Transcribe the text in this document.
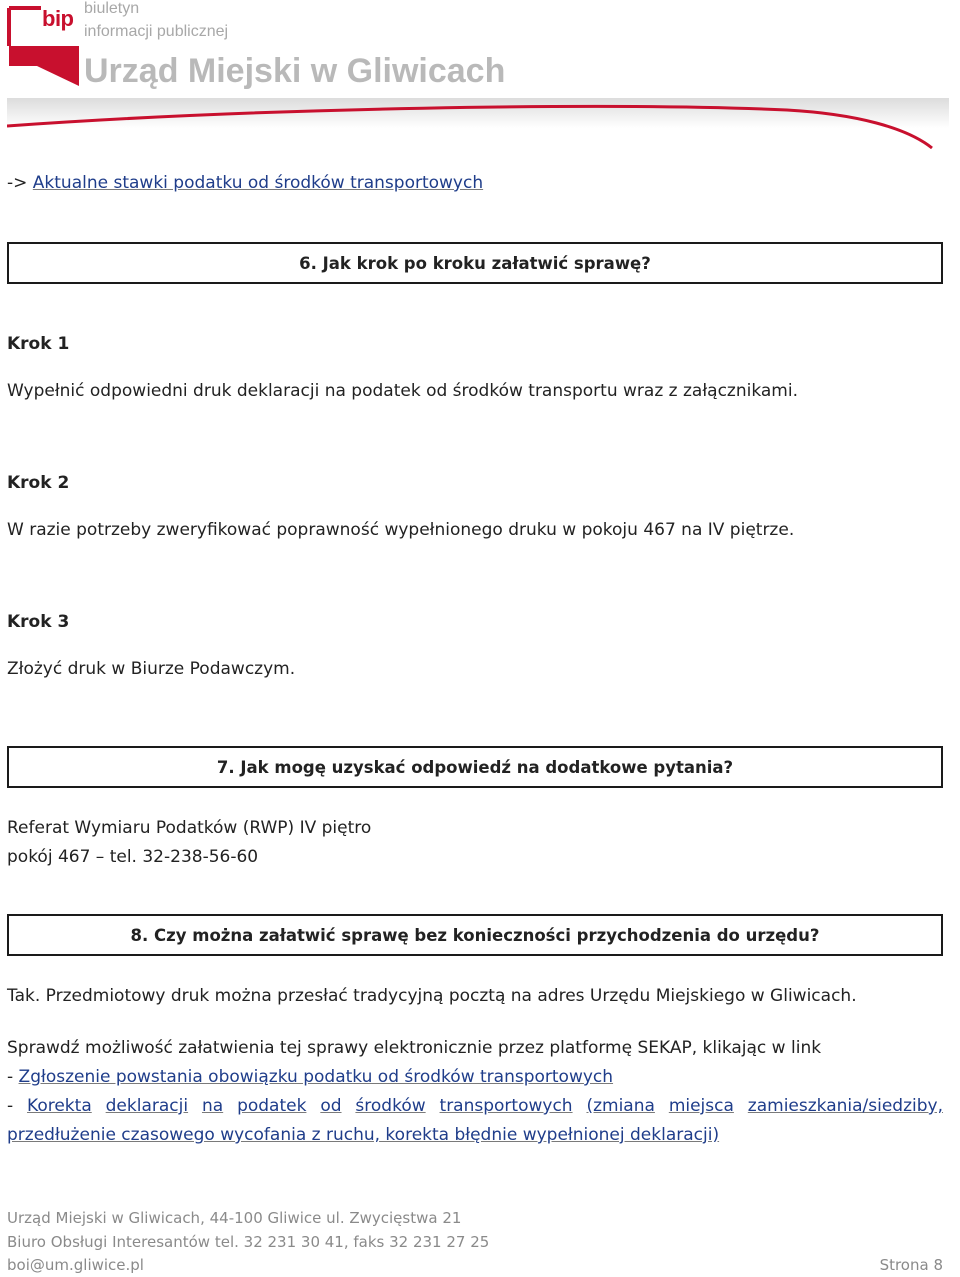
bip biuletyn
informacji publicznej
Urząd Miejski w Gliwicach
-> Aktualne stawki podatku od środków transportowych
6. Jak krok po kroku załatwić sprawę?
Krok 1
Wypełnić odpowiedni druk deklaracji na podatek od środków transportu wraz z załącznikami.
Krok 2
W razie potrzeby zweryfikować poprawność wypełnionego druku w pokoju 467 na IV piętrze.
Krok 3
Złożyć druk w Biurze Podawczym.
7. Jak mogę uzyskać odpowiedź na dodatkowe pytania?
Referat Wymiaru Podatków (RWP) IV piętro
pokój 467 – tel. 32-238-56-60
8. Czy można załatwić sprawę bez konieczności przychodzenia do urzędu?
Tak. Przedmiotowy druk można przesłać tradycyjną pocztą na adres Urzędu Miejskiego w Gliwicach.
Sprawdź możliwość załatwienia tej sprawy elektronicznie przez platformę SEKAP, klikając w link
- Zgłoszenie powstania obowiązku podatku od środków transportowych
- Korekta deklaracji na podatek od środków transportowych (zmiana miejsca zamieszkania/siedziby,
przedłużenie czasowego wycofania z ruchu, korekta błędnie wypełnionej deklaracji)
Urząd Miejski w Gliwicach, 44-100 Gliwice ul. Zwycięstwa 21
Biuro Obsługi Interesantów tel. 32 231 30 41, faks 32 231 27 25
boi@um.gliwice.pl	Strona 8
